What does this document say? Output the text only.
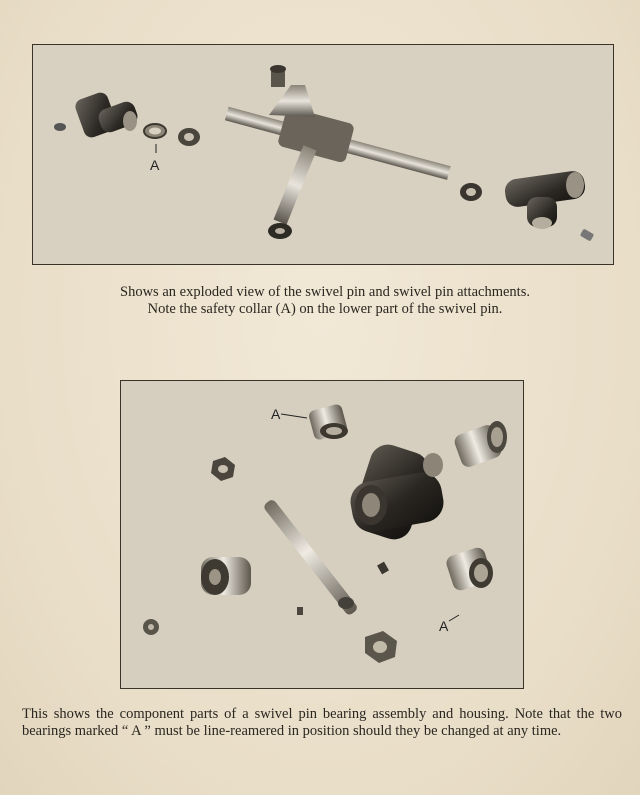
A

Shows an exploded view of the swivel pin and swivel pin attachments.
Note the safety collar (A) on the lower part of the swivel pin.

A
A

This shows the component parts of a swivel pin bearing assembly and housing. Note that the two bearings marked “ A ” must be line-reamered in position should they be changed at any time.
